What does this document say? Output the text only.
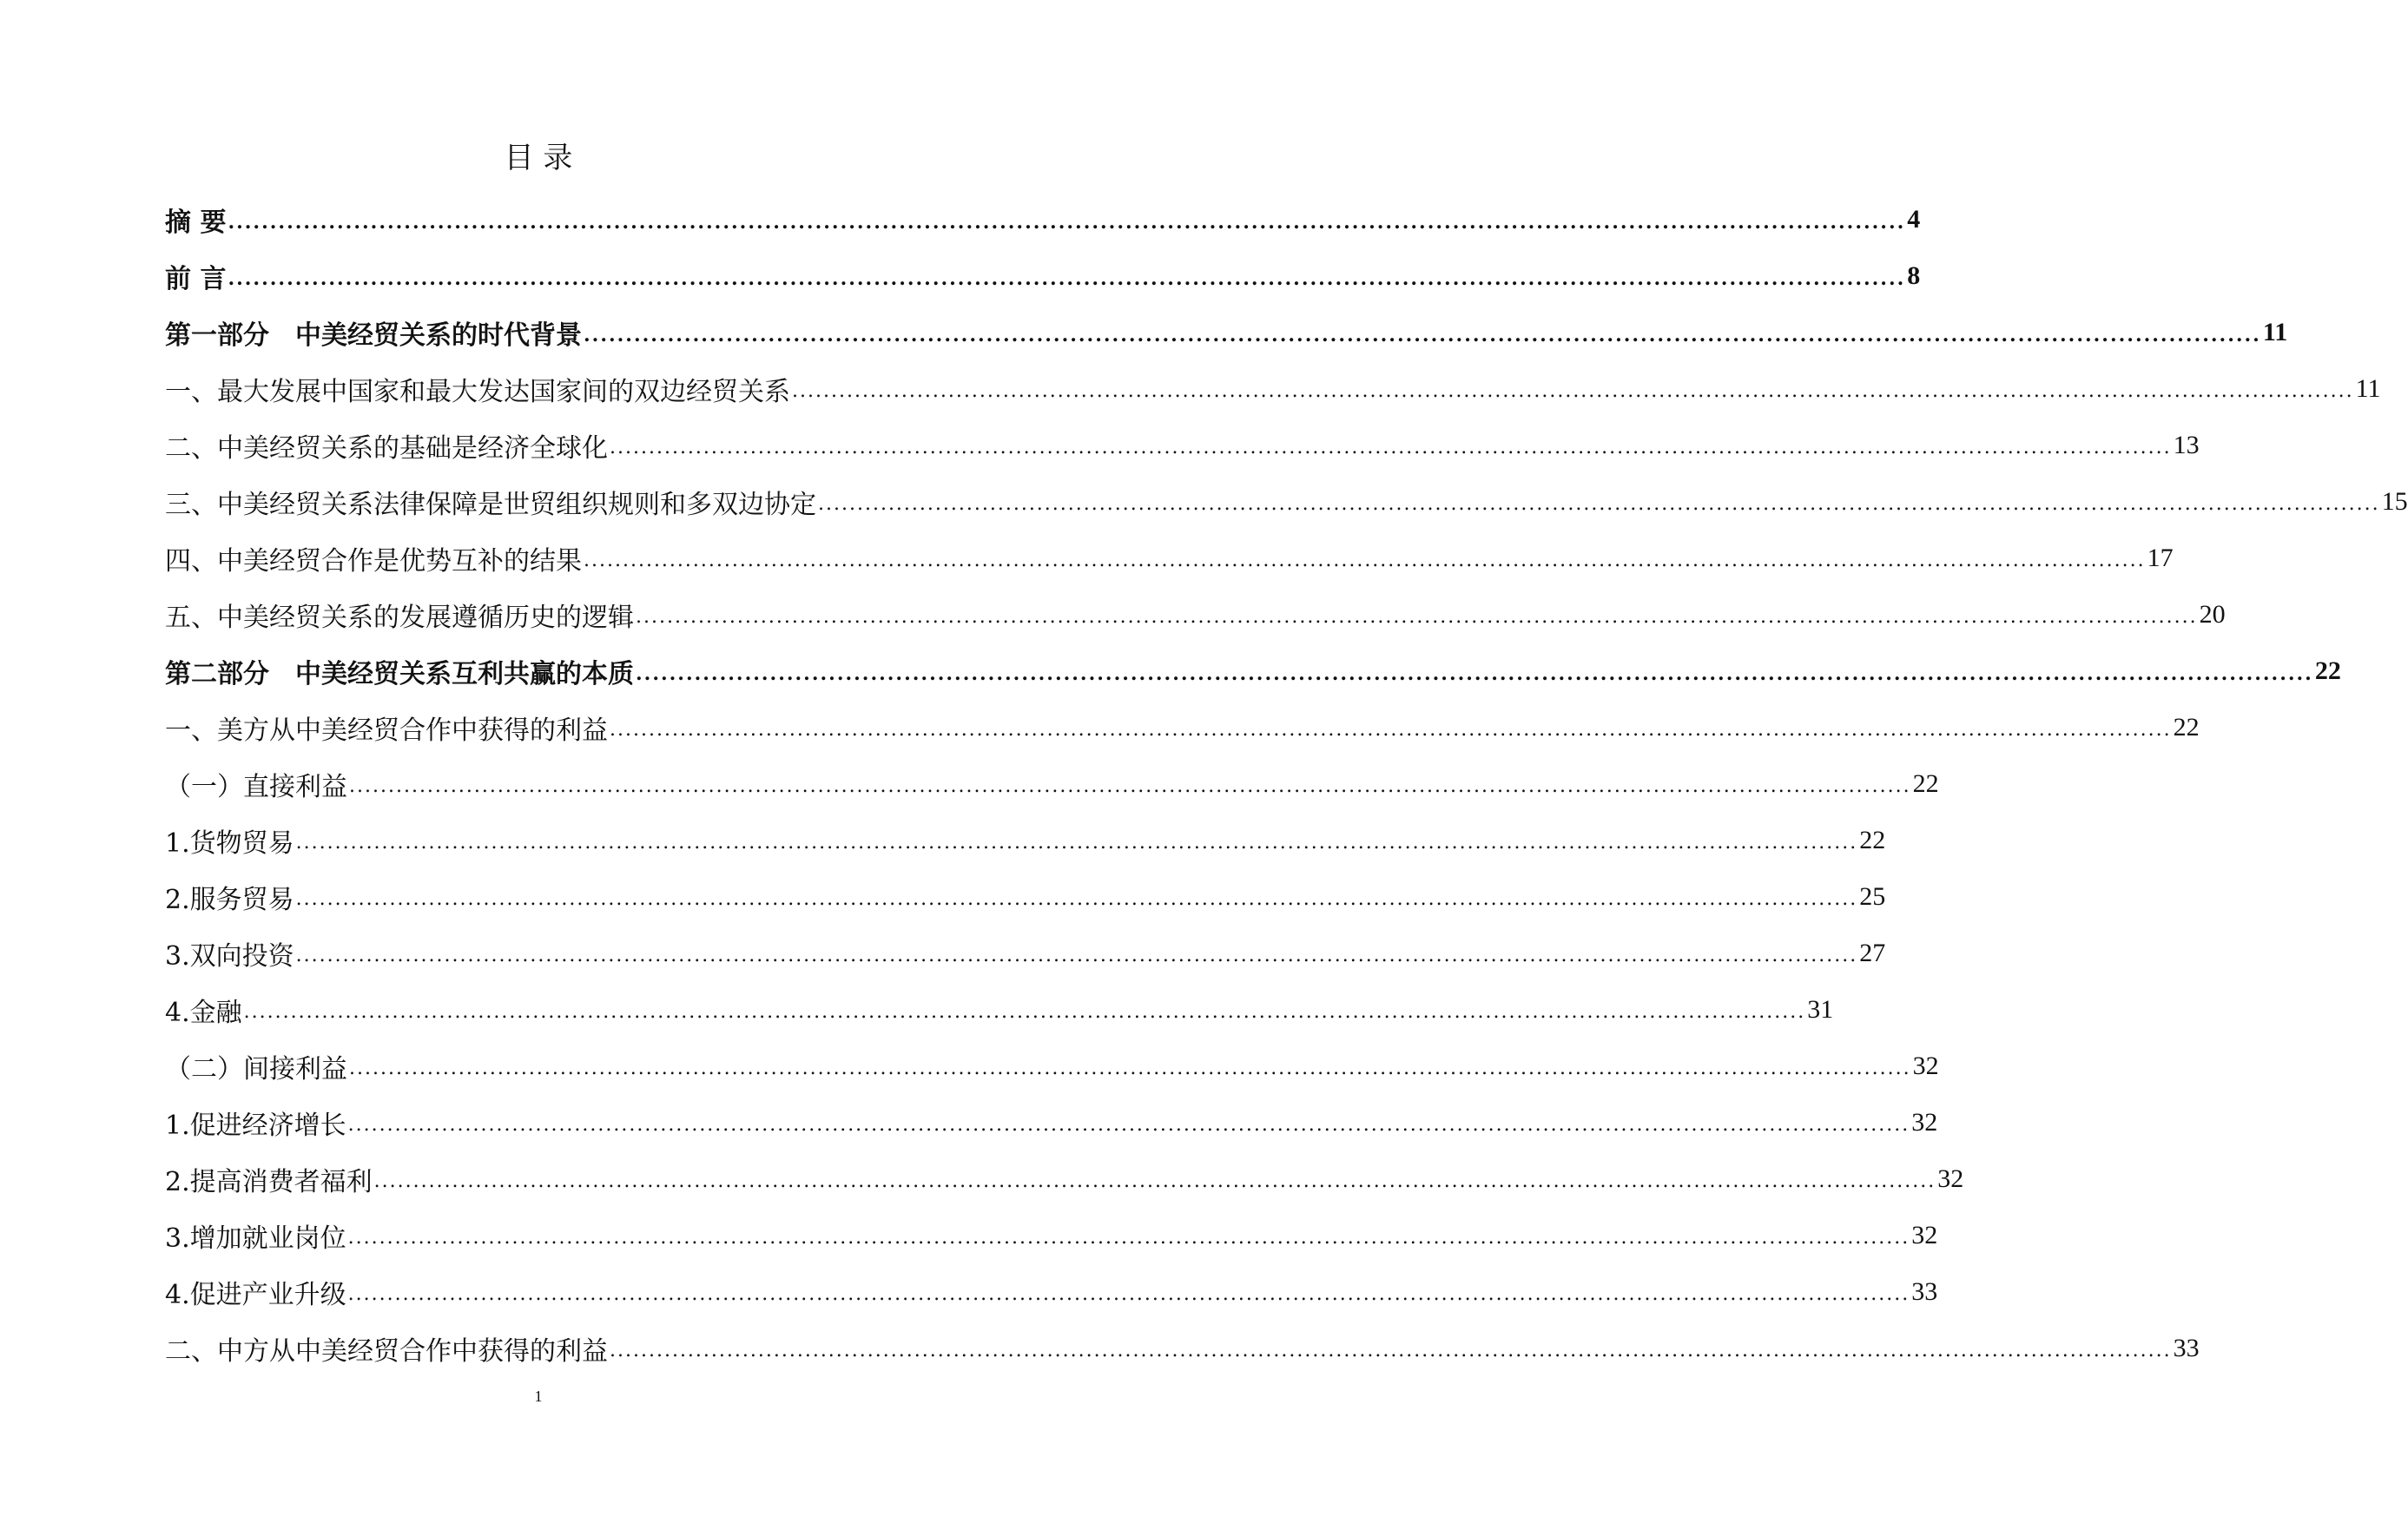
目 录
摘 要 ........................................................................................................................................................................................................ 4
前 言 ........................................................................................................................................................................................................ 8
第一部分　中美经贸关系的时代背景 ........................................................................................................................................................................................................ 11
一、最大发展中国家和最大发达国家间的双边经贸关系 ........................................................................................................................................................................................................ 11
二、中美经贸关系的基础是经济全球化 ........................................................................................................................................................................................................ 13
三、中美经贸关系法律保障是世贸组织规则和多双边协定 ........................................................................................................................................................................................................ 15
四、中美经贸合作是优势互补的结果 ........................................................................................................................................................................................................ 17
五、中美经贸关系的发展遵循历史的逻辑 ........................................................................................................................................................................................................ 20
第二部分　中美经贸关系互利共赢的本质 ........................................................................................................................................................................................................ 22
一、美方从中美经贸合作中获得的利益 ........................................................................................................................................................................................................ 22
（一）直接利益 ........................................................................................................................................................................................................ 22
1.货物贸易 ........................................................................................................................................................................................................ 22
2.服务贸易 ........................................................................................................................................................................................................ 25
3.双向投资 ........................................................................................................................................................................................................ 27
4.金融 ........................................................................................................................................................................................................ 31
（二）间接利益 ........................................................................................................................................................................................................ 32
1.促进经济增长 ........................................................................................................................................................................................................ 32
2.提高消费者福利 ........................................................................................................................................................................................................ 32
3.增加就业岗位 ........................................................................................................................................................................................................ 32
4.促进产业升级 ........................................................................................................................................................................................................ 33
二、中方从中美经贸合作中获得的利益 ........................................................................................................................................................................................................ 33
1
